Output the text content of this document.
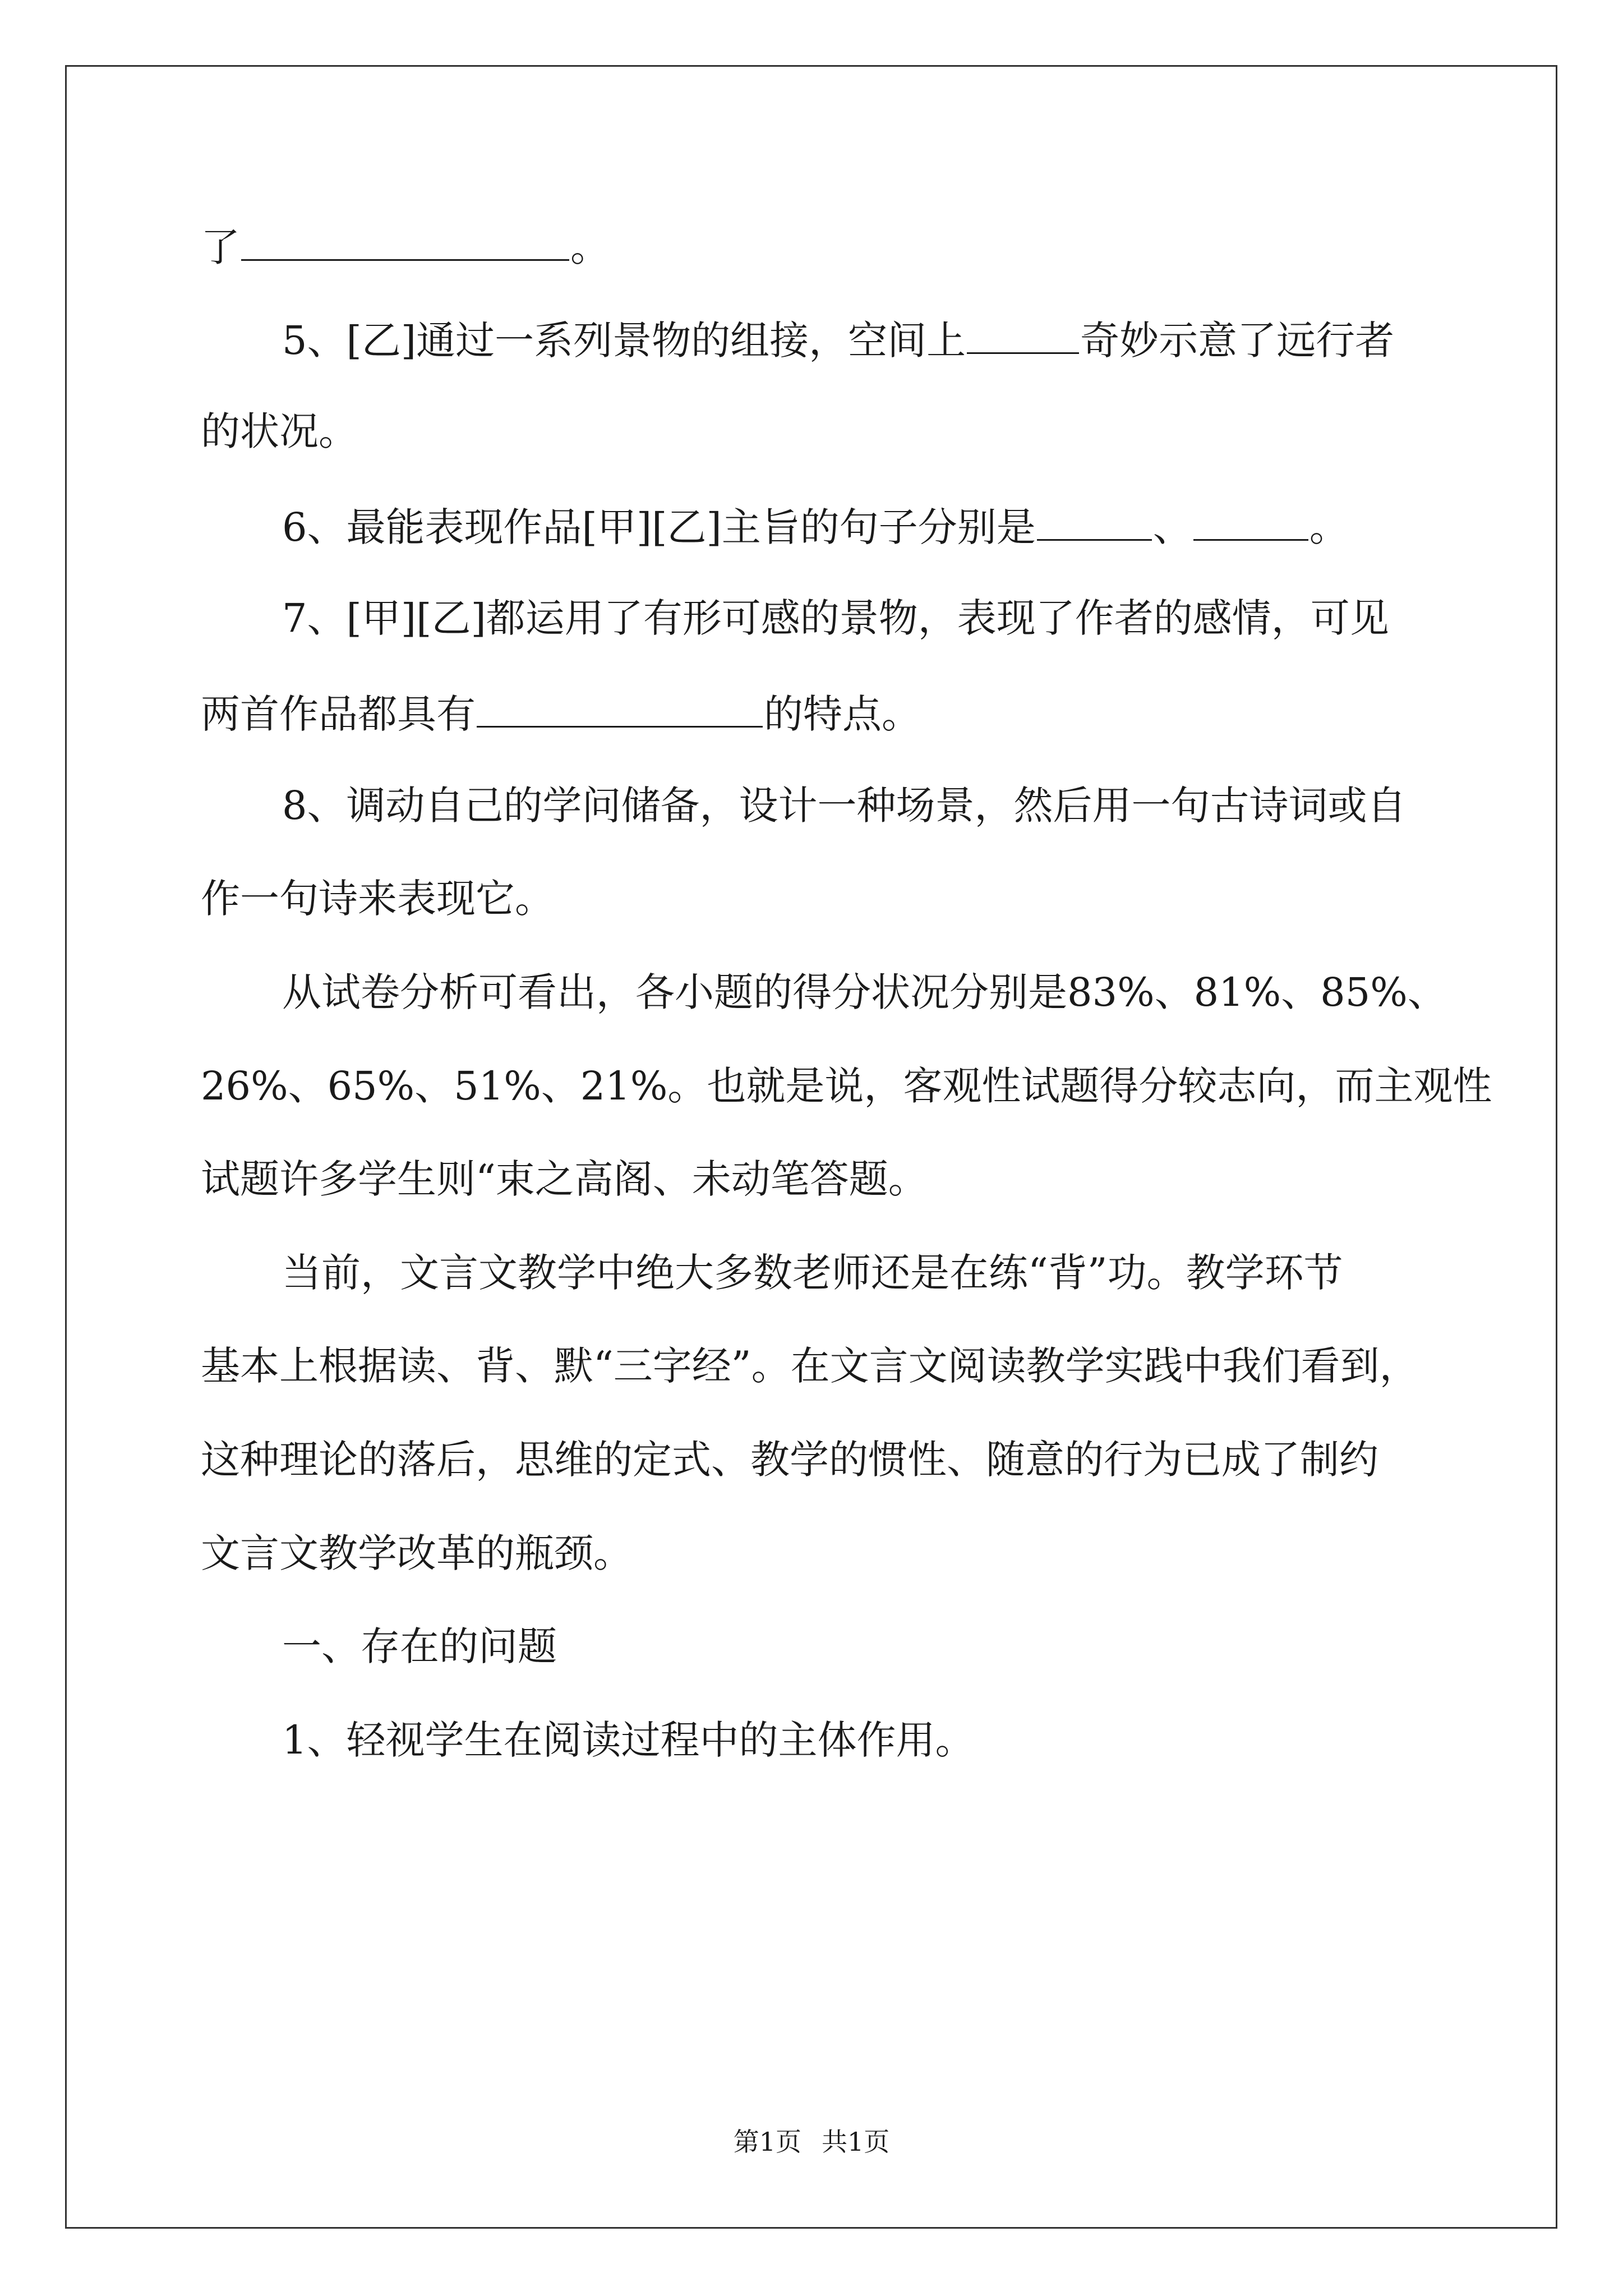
了	。
5、[乙]通过一系列景物的组接，空间上	奇妙示意了远行者
的状况。
6、最能表现作品[甲][乙]主旨的句子分别是	、	。
7、[甲][乙]都运用了有形可感的景物，表现了作者的感情，可见
两首作品都具有	的特点。
8、调动自己的学问储备，设计一种场景，然后用一句古诗词或自
作一句诗来表现它。
从试卷分析可看出，各小题的得分状况分别是83%、81%、85%、
26%、65%、51%、21%。也就是说，客观性试题得分较志向，而主观性
试题许多学生则“束之高阁、未动笔答题。
当前，文言文教学中绝大多数老师还是在练“背”功。教学环节
基本上根据读、背、默“三字经”。在文言文阅读教学实践中我们看到，
这种理论的落后，思维的定式、教学的惯性、随意的行为已成了制约
文言文教学改革的瓶颈。
一、存在的问题
1、轻视学生在阅读过程中的主体作用。
第1页 共1页
